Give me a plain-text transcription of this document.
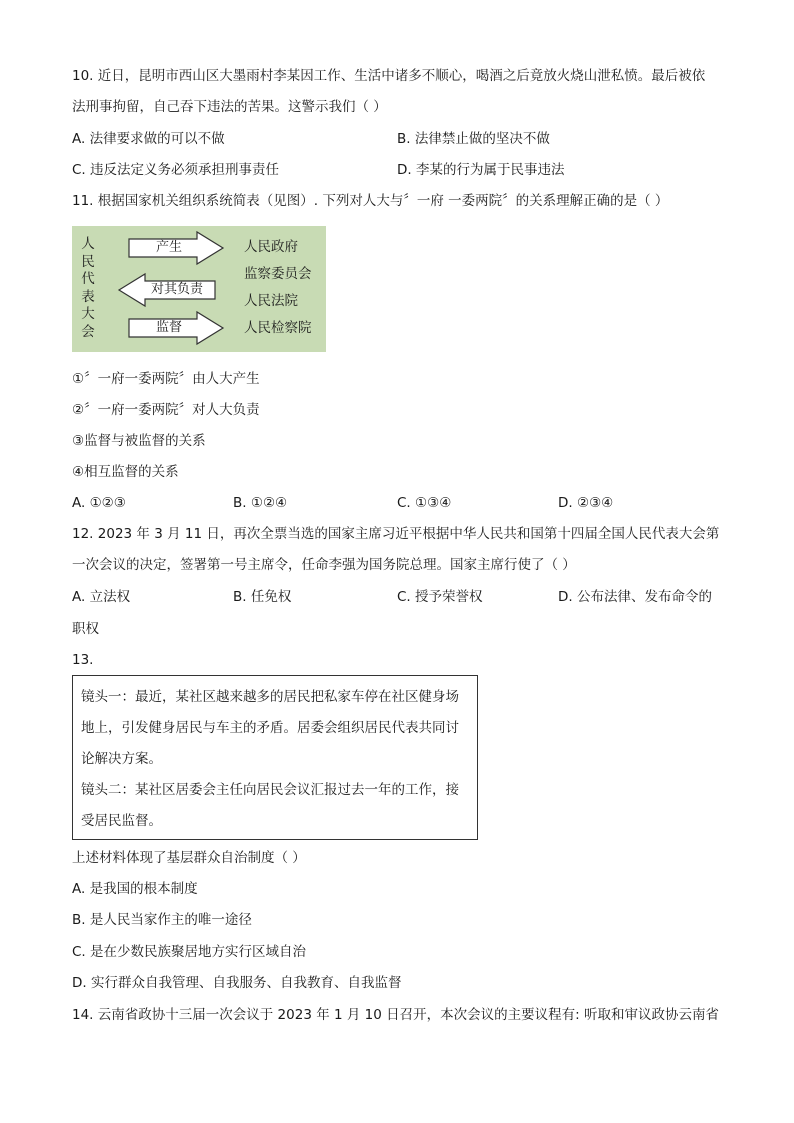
10. 近日，昆明市西山区大墨雨村李某因工作、生活中诸多不顺心，喝酒之后竟放火烧山泄私愤。最后被依
法刑事拘留，自己吞下违法的苦果。这警示我们（ ）
A. 法律要求做的可以不做	B. 法律禁止做的坚决不做
C. 违反法定义务必须承担刑事责任	D. 李某的行为属于民事违法
11. 根据国家机关组织系统简表（见图）. 下列对人大与〞一府 一委两院〞的关系理解正确的是（ ）
人
民
代
表
大
会
产生
对其负责
监督
人民政府
监察委员会
人民法院
人民检察院
①〞一府一委两院〞由人大产生
②〞一府一委两院〞对人大负责
③监督与被监督的关系
④相互监督的关系
A. ①②③	B. ①②④	C. ①③④	D. ②③④
12. 2023 年 3 月 11 日，再次全票当选的国家主席习近平根据中华人民共和国第十四届全国人民代表大会第
一次会议的决定，签署第一号主席令，任命李强为国务院总理。国家主席行使了（ ）
A. 立法权	B. 任免权	C. 授予荣誉权	D. 公布法律、发布命令的
职权
13.
镜头一：最近，某社区越来越多的居民把私家车停在社区健身场
地上，引发健身居民与车主的矛盾。居委会组织居民代表共同讨
论解决方案。
镜头二：某社区居委会主任向居民会议汇报过去一年的工作，接
受居民监督。
上述材料体现了基层群众自治制度（ ）
A. 是我国的根本制度
B. 是人民当家作主的唯一途径
C. 是在少数民族聚居地方实行区域自治
D. 实行群众自我管理、自我服务、自我教育、自我监督
14. 云南省政协十三届一次会议于 2023 年 1 月 10 日召开，本次会议的主要议程有: 听取和审议政协云南省
